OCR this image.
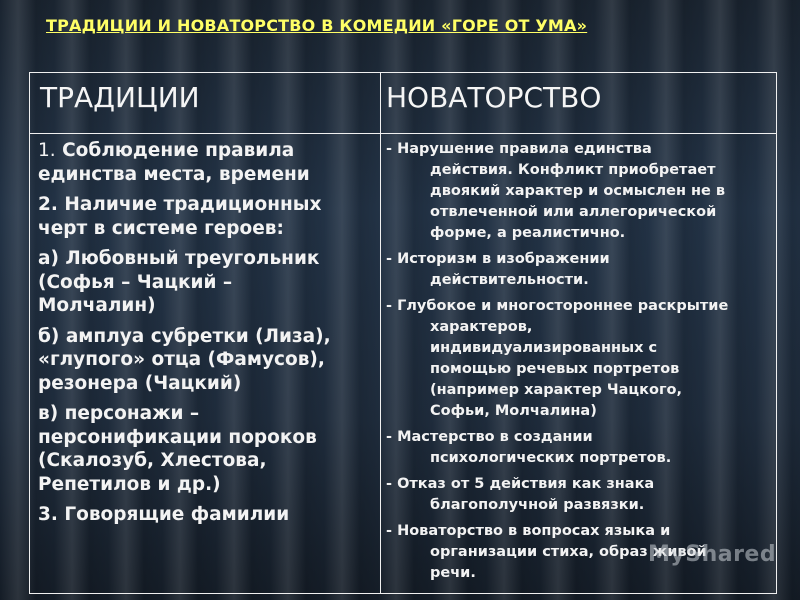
ТРАДИЦИИ И НОВАТОРСТВО В КОМЕДИИ «ГОРЕ ОТ УМА»
ТРАДИЦИИ	НОВАТОРСТВО
1. Соблюдение правила
единства места, времени
2. Наличие традиционных
черт в системе героев:
а) Любовный треугольник
(Софья – Чацкий –
Молчалин)
б) амплуа субретки (Лиза),
«глупого» отца (Фамусов),
резонера (Чацкий)
в) персонажи –
персонификации пороков
(Скалозуб, Хлестова,
Репетилов и др.)
3. Говорящие фамилии
- Нарушение правила единства
действия. Конфликт приобретает
двоякий характер и осмыслен не в
отвлеченной или аллегорической
форме, а реалистично.
- Историзм в изображении
действительности.
- Глубокое и многостороннее раскрытие
характеров,
индивидуализированных с
помощью речевых портретов
(например характер Чацкого,
Софьи, Молчалина)
- Мастерство в создании
психологических портретов.
- Отказ от 5 действия как знака
благополучной развязки.
- Новаторство в вопросах языка и
организации стиха, образ живой
речи.
MyShared
